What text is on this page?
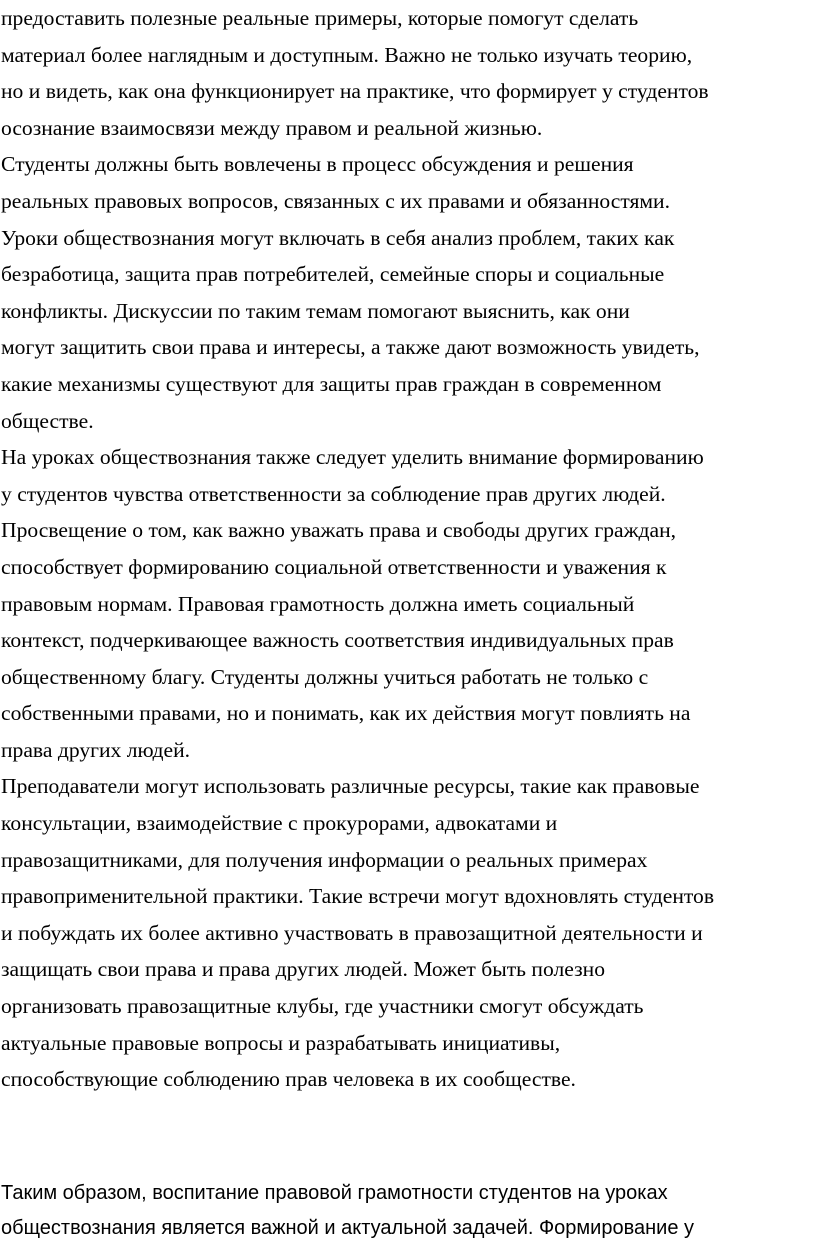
предоставить полезные реальные примеры, которые помогут сделать
материал более наглядным и доступным. Важно не только изучать теорию,
но и видеть, как она функционирует на практике, что формирует у студентов
осознание взаимосвязи между правом и реальной жизнью.
Студенты должны быть вовлечены в процесс обсуждения и решения
реальных правовых вопросов, связанных с их правами и обязанностями.
Уроки обществознания могут включать в себя анализ проблем, таких как
безработица, защита прав потребителей, семейные споры и социальные
конфликты. Дискуссии по таким темам помогают выяснить, как они
могут защитить свои права и интересы, а также дают возможность увидеть,
какие механизмы существуют для защиты прав граждан в современном
обществе.
На уроках обществознания также следует уделить внимание формированию
у студентов чувства ответственности за соблюдение прав других людей.
Просвещение о том, как важно уважать права и свободы других граждан,
способствует формированию социальной ответственности и уважения к
правовым нормам. Правовая грамотность должна иметь социальный
контекст, подчеркивающее важность соответствия индивидуальных прав
общественному благу. Студенты должны учиться работать не только с
собственными правами, но и понимать, как их действия могут повлиять на
права других людей.
Преподаватели могут использовать различные ресурсы, такие как правовые
консультации, взаимодействие с прокурорами, адвокатами и
правозащитниками, для получения информации о реальных примерах
правоприменительной практики. Такие встречи могут вдохновлять студентов
и побуждать их более активно участвовать в правозащитной деятельности и
защищать свои права и права других людей. Может быть полезно
организовать правозащитные клубы, где участники смогут обсуждать
актуальные правовые вопросы и разрабатывать инициативы,
способствующие соблюдению прав человека в их сообществе.
Таким образом, воспитание правовой грамотности студентов на уроках
обществознания является важной и актуальной задачей. Формирование у
